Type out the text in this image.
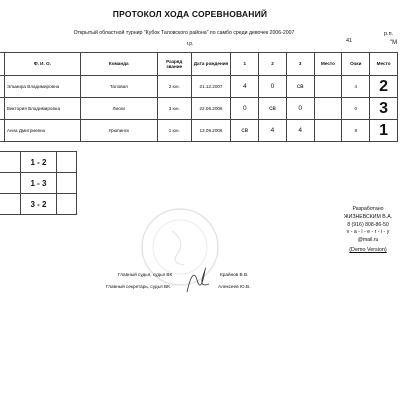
ПРОТОКОЛ ХОДА СОРЕВНОВАНИЙ
Открытый областной турнир "Кубок Таловского района" по самбо среди девочек 2006-2007
г.р.	41
р.п.
"М
	Ф. И. О.	Команда	Разряд звание	Дата рождения	1	2	3	Место	Очки	Место
	Эльмира Владимировна	Таловая	2 юн.	21.12.2007	4	0	св		4	2
	Виктория Владимировна	Лиски	3 юн.	22.06.2006	0	св	0		0	3
	Анна Дмитриевна	Урюпинск	1 юн.	13.08.2006	св	4	4		8	1
	1 - 2	
	1 - 3	
	3 - 2	
Разработано
ЖИЗНЕВСКИМ В.А.
8 (916) 808-86-50
v - a - l - e - r - i - y @mail.ru
(Demo Version)
Главный судья, судья ВК	Крайнов В.В.
Главный секретарь, судья ВК	Алексеев Ю.В.
